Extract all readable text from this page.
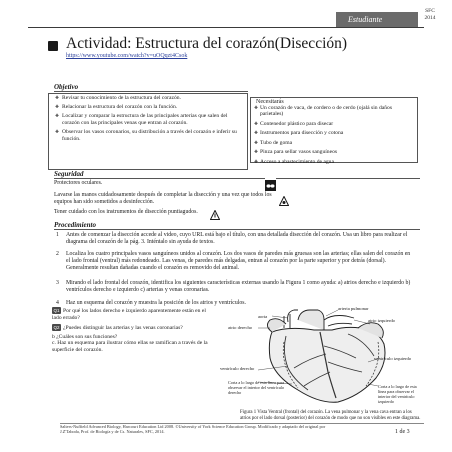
Estudiante
SFC
2014
Actividad: Estructura del corazón(Disección)
https://www.youtube.com/watch?v=uOQqzt4Csok
Objetivo
❖ Revisar tu conocimiento de la estructura del corazón.
❖ Relacionar la estructura del corazón con la función.
❖ Localizar y comparar la estructura de las principales arterias que salen del corazón con las principales venas que entran al corazón.
❖ Observar los vasos coronarios, su distribución a través del corazón e inferir su función.
Necesitarás
❖ Un corazón de vaca, de cordero o de cerdo (ojalá sin daños parietales)
❖ Contenedor plástico para disecar
❖ Instrumentos para disección y cotona
❖ Tubo de goma
❖ Pinza para sellar vasos sanguíneos
❖ Acceso a abastecimiento de agua
Seguridad
Protectores oculares.
Lavarse las manos cuidadosamente después de completar la disección y una vez que todos los equipos han sido sometidos a desinfección.
Tener cuidado con los instrumentos de disección puntiagudos.
Procedimiento
1 Antes de comenzar la disección accede al video, cuyo URL está bajo el título, con una detallada disección del corazón. Usa un libro para realizar el diagrama del corazón de la pág. 3. Inténtalo sin ayuda de textos.
2 Localiza los cuatro principales vasos sanguíneos unidos al corazón. Los dos vasos de paredes más gruesas son las arterias; ellas salen del corazón en el lado frontal (ventral) más redondeado. Las venas, de paredes más delgadas, entran al corazón por la parte superior y por detrás (dorsal). Generalmente resultan dañadas cuando el corazón es removido del animal.
3 Mirando el lado frontal del corazón, identifica los siguientes características externas usando la Figura 1 como ayuda: a) atrios derecho e izquierdo b) ventrículos derecho e izquierdo c) arterias y venas coronarias.
4 Haz un esquema del corazón y muestra la posición de los atrios y ventrículos.
Q1 Por qué los lados derecho e izquierdo aparentemente están en el lado errado?
Q2 ¿Puedes distinguir las arterias y las venas coronarias?
b ¿Cuáles son sus funciones?
c. Haz un esquema para ilustrar cómo ellas se ramifican a través de la superficie del corazón.
aorta
arteria pulmonar
atrio derecho
atrio izquierdo
ventrículo derecho
ventrículo izquierdo
Corta a lo largo de esta línea para observar el interior del ventrículo derecho
Corta a lo largo de esta línea para observar el interior del ventrículo izquierdo
Figura 1 Vista Ventral (frontal) del corazón. La vena pulmonar y la vena cava entran a los atrios por el lado dorsal (posterior) del corazón de modo que no son visibles en este diagrama.
Salters-Nuffield Advanced Biology, Harcourt Education Ltd 2008. ©University of York Science Education Group. Modificado y adaptado del original por J.Z'Taboda, Prof. de Biología y de Cs. Naturales, SFC, 2014.	1 de 3
